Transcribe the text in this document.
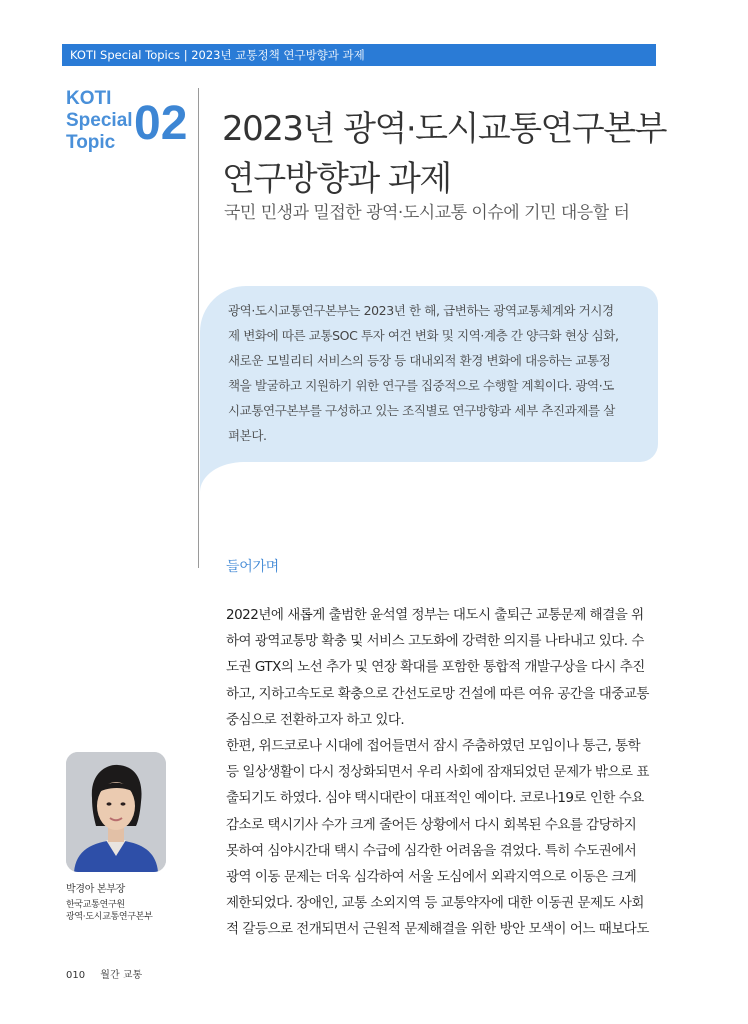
KOTI Special Topics | 2023년 교통정책 연구방향과 과제
KOTI
Special
Topic 02 2023년 광역·도시교통연구본부
연구방향과 과제
국민 민생과 밀접한 광역·도시교통 이슈에 기민 대응할 터
광역·도시교통연구본부는 2023년 한 해, 급변하는 광역교통체계와 거시경
제 변화에 따른 교통SOC 투자 여건 변화 및 지역·계층 간 양극화 현상 심화,
새로운 모빌리티 서비스의 등장 등 대내외적 환경 변화에 대응하는 교통정
책을 발굴하고 지원하기 위한 연구를 집중적으로 수행할 계획이다. 광역·도
시교통연구본부를 구성하고 있는 조직별로 연구방향과 세부 추진과제를 살
펴본다.
들어가며
2022년에 새롭게 출범한 윤석열 정부는 대도시 출퇴근 교통문제 해결을 위
하여 광역교통망 확충 및 서비스 고도화에 강력한 의지를 나타내고 있다. 수
도권 GTX의 노선 추가 및 연장 확대를 포함한 통합적 개발구상을 다시 추진
하고, 지하고속도로 확충으로 간선도로망 건설에 따른 여유 공간을 대중교통
중심으로 전환하고자 하고 있다.
한편, 위드코로나 시대에 접어들면서 잠시 주춤하였던 모임이나 통근, 통학
등 일상생활이 다시 정상화되면서 우리 사회에 잠재되었던 문제가 밖으로 표
출되기도 하였다. 심야 택시대란이 대표적인 예이다. 코로나19로 인한 수요
감소로 택시기사 수가 크게 줄어든 상황에서 다시 회복된 수요를 감당하지
못하여 심야시간대 택시 수급에 심각한 어려움을 겪었다. 특히 수도권에서
광역 이동 문제는 더욱 심각하여 서울 도심에서 외곽지역으로 이동은 크게
제한되었다. 장애인, 교통 소외지역 등 교통약자에 대한 이동권 문제도 사회
적 갈등으로 전개되면서 근원적 문제해결을 위한 방안 모색이 어느 때보다도
박경아 본부장
한국교통연구원
광역·도시교통연구본부
010 월간 교통
